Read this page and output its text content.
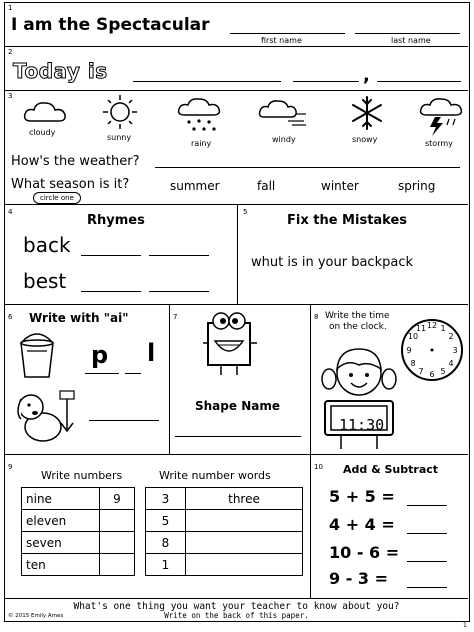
1
I am the Spectacular
first name	last name
2
Today is	,
3
cloudy
sunny
rainy	windy	snowy	stormy
How's the weather?
What season is it?
circle one
summer	fall	winter	spring
4
Rhymes
back
best
5
Fix the Mistakes
whut is in your backpack
6 Write with "ai"
p l
7
Shape Name
8 Write the time
on the clock.	12 1
2
3
4
5
6
7
8
9
10
11
11:30
9
Write numbers	Write number words
nine	9
eleven	
seven	
ten	
3	three
5	
8	
1	
10 Add & Subtract
5 + 5 =
4 + 4 =
10 - 6 =
9 - 3 =
What's one thing you want your teacher to know about you?
Write on the back of this paper.
© 2015 Emily Ames
1
